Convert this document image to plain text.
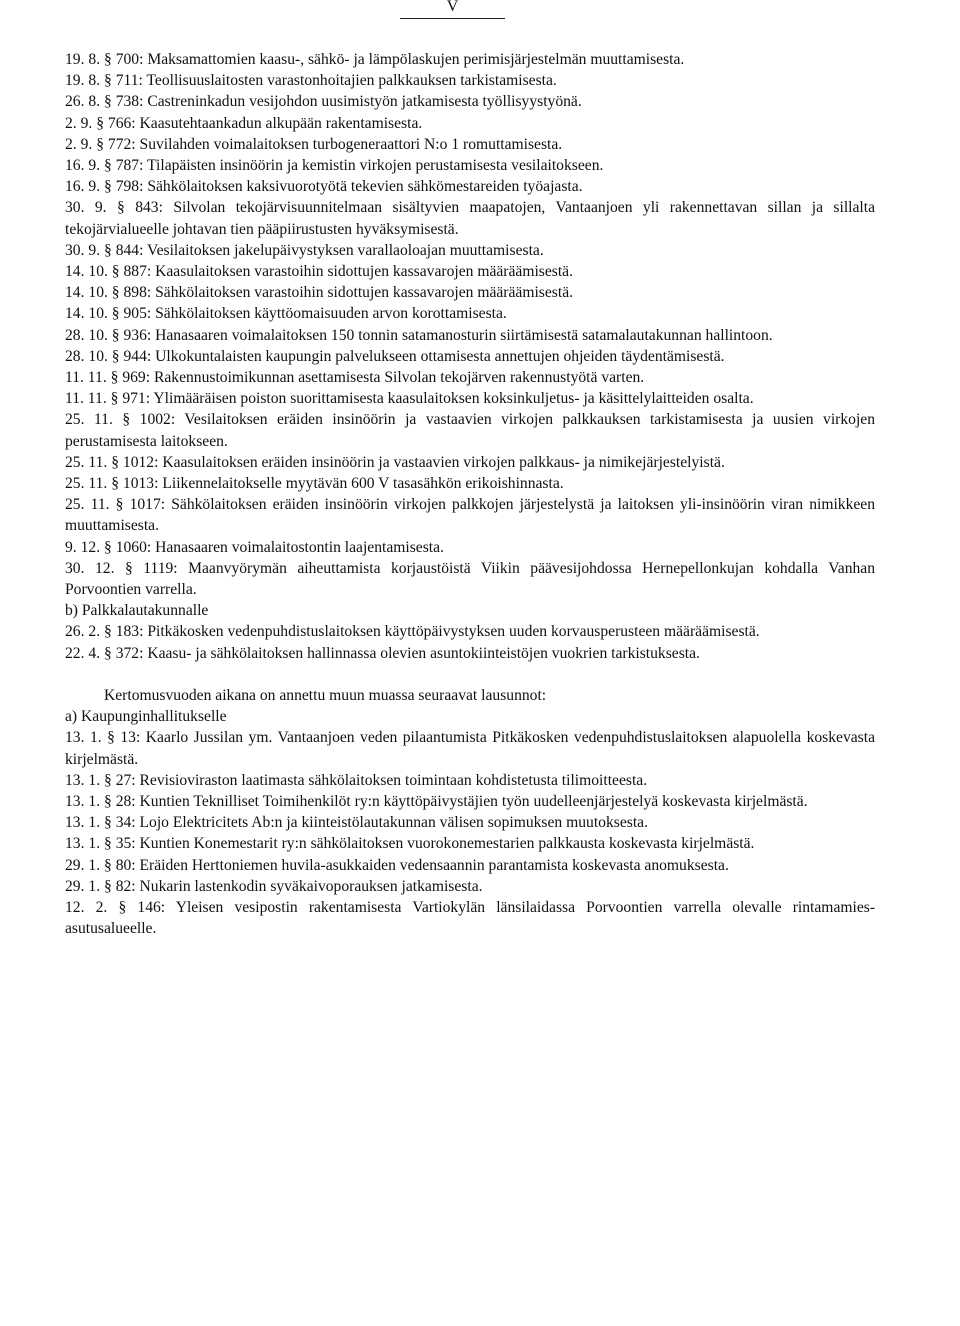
V

19. 8. § 700: Maksamattomien kaasu-, sähkö- ja lämpölaskujen perimisjärjestelmän muuttamisesta.

19. 8. § 711: Teollisuuslaitosten varastonhoitajien palkkauksen tarkistamisesta.

26. 8. § 738: Castreninkadun vesijohdon uusimistyön jatkamisesta työllisyystyönä.

2. 9. § 766: Kaasutehtaankadun alkupään rakentamisesta.

2. 9. § 772: Suvilahden voimalaitoksen turbogeneraattori N:o 1 romuttamisesta.

16. 9. § 787: Tilapäisten insinöörin ja kemistin virkojen perustamisesta vesilaitokseen.

16. 9. § 798: Sähkölaitoksen kaksivuorotyötä tekevien sähkömestareiden työajasta.

30. 9. § 843: Silvolan tekojärvisuunnitelmaan sisältyvien maapatojen, Vantaanjoen yli rakennettavan sillan ja sillalta tekojärvialueelle johtavan tien pääpiirustusten hyväksymisestä.

30. 9. § 844: Vesilaitoksen jakelupäivystyksen varallaoloajan muuttamisesta.

14. 10. § 887: Kaasulaitoksen varastoihin sidottujen kassavarojen määräämisestä.

14. 10. § 898: Sähkölaitoksen varastoihin sidottujen kassavarojen määräämisestä.

14. 10. § 905: Sähkölaitoksen käyttöomaisuuden arvon korottamisesta.

28. 10. § 936: Hanasaaren voimalaitoksen 150 tonnin satamanosturin siirtämisestä satamalautakunnan hallintoon.

28. 10. § 944: Ulkokuntalaisten kaupungin palvelukseen ottamisesta annettujen ohjeiden täydentämisestä.

11. 11. § 969: Rakennustoimikunnan asettamisesta Silvolan tekojärven rakennustyötä varten.

11. 11. § 971: Ylimääräisen poiston suorittamisesta kaasulaitoksen koksinkuljetus- ja käsittelylaitteiden osalta.

25. 11. § 1002: Vesilaitoksen eräiden insinöörin ja vastaavien virkojen palkkauksen tarkistamisesta ja uusien virkojen perustamisesta laitokseen.

25. 11. § 1012: Kaasulaitoksen eräiden insinöörin ja vastaavien virkojen palkkaus- ja nimikejärjestelyistä.

25. 11. § 1013: Liikennelaitokselle myytävän 600 V tasasähkön erikoishinnasta.

25. 11. § 1017: Sähkölaitoksen eräiden insinöörin virkojen palkkojen järjestelystä ja laitoksen yli-insinöörin viran nimikkeen muuttamisesta.

9. 12. § 1060: Hanasaaren voimalaitostontin laajentamisesta.

30. 12. § 1119: Maanvyörymän aiheuttamista korjaustöistä Viikin päävesijohdossa Hernepellonkujan kohdalla Vanhan Porvoontien varrella.

b) Palkkalautakunnalle

26. 2. § 183: Pitkäkosken vedenpuhdistuslaitoksen käyttöpäivystyksen uuden korvausperusteen määräämisestä.

22. 4. § 372: Kaasu- ja sähkölaitoksen hallinnassa olevien asuntokiinteistöjen vuokrien tarkistuksesta.

   Kertomusvuoden aikana on annettu muun muassa seuraavat lausunnot:

a) Kaupunginhallitukselle

13. 1. § 13: Kaarlo Jussilan ym. Vantaanjoen veden pilaantumista Pitkäkosken vedenpuhdistuslaitoksen alapuolella koskevasta kirjelmästä.

13. 1. § 27: Revisioviraston laatimasta sähkölaitoksen toimintaan kohdistetusta tilimoitteesta.

13. 1. § 28: Kuntien Teknilliset Toimihenkilöt ry:n käyttöpäivystäjien työn uudelleenjärjestelyä koskevasta kirjelmästä.

13. 1. § 34: Lojo Elektricitets Ab:n ja kiinteistölautakunnan välisen sopimuksen muutoksesta.

13. 1. § 35: Kuntien Konemestarit ry:n sähkölaitoksen vuorokonemestarien palkkausta koskevasta kirjelmästä.

29. 1. § 80: Eräiden Herttoniemen huvila-asukkaiden vedensaannin parantamista koskevasta anomuksesta.

29. 1. § 82: Nukarin lastenkodin syväkaivoporauksen jatkamisesta.

12. 2. § 146: Yleisen vesipostin rakentamisesta Vartiokylän länsilaidassa Porvoontien varrella olevalle rintamamies-asutusalueelle.
